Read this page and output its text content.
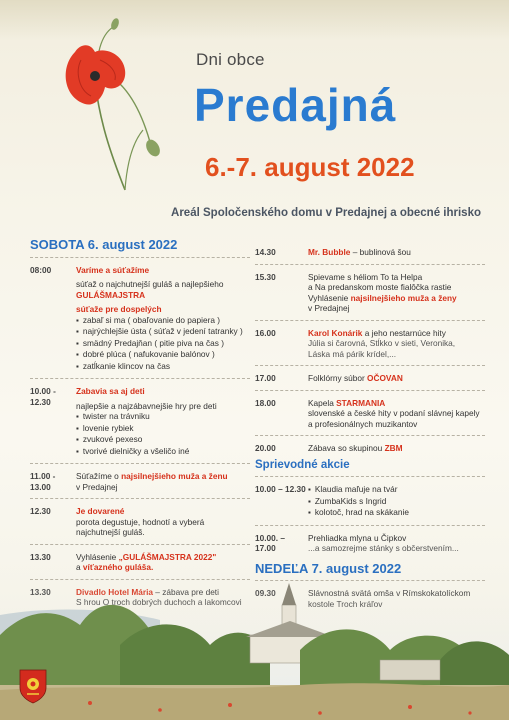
Dni obce
Predajná
6.-7. august 2022
Areál Spoločenského domu v Predajnej a obecné ihrisko
SOBOTA 6. august 2022
08:00	Varíme a súťažíme
súťaž o najchutnejší guláš a najlepšieho
GULÁŠMAJSTRA
súťaže pre dospelých
▪ zabaľ si ma ( obaľovanie do papiera )
▪ najrýchlejšie ústa ( súťaž v jedení tatranky )
▪ smädný Predajňan ( pitie piva na čas )
▪ dobré plúca ( nafukovanie balónov )
▪ zatĺkanie klincov na čas
10.00 - 12.30
Zabavia sa aj deti
najlepšie a najzábavnejšie hry pre deti
▪ twister na trávniku
▪ lovenie rybiek
▪ zvukové pexeso
▪ tvorivé dielničky a všeličo iné
11.00 - 13.00
Súťažíme o najsilnejšieho muža a ženu
v Predajnej
12.30	Je dovarené
porota degustuje, hodnotí a vyberá
najchutnejší guláš.
13.30	Vyhlásenie „GULÁŠMAJSTRA 2022"
a víťazného guláša.
14.30	Mr. Bubble – bublinová šou
15.30	Spievame s héliom To ta Helpa
a Na predanskom moste fialôčka rastie
Vyhlásenie najsilnejšieho muža a ženy
v Predajnej
16.00	Karol Konárik a jeho nestarnúce hity
Júlia si čarovná, Stĺkko v sieti, Veronika,
Láska má párik krídel,...
17.00	Folklórny súbor OČOVAN
18.00	Kapela STARMANIA
slovenské a české hity v podaní slávnej kapely
a profesionálnych muzikantov
20.00	Zábava so skupinou ZBM
Sprievodné akcie
10.00 – 12.30
▪	Klaudia maľuje na tvár
▪ ZumbaKids s Ingrid
▪ kolotoč, hrad na skákanie
10.00. – 17.00
Prehliadka mlyna u Čipkov
...a samozrejme stánky s občerstvením...
NEDEĽA 7. august 2022
